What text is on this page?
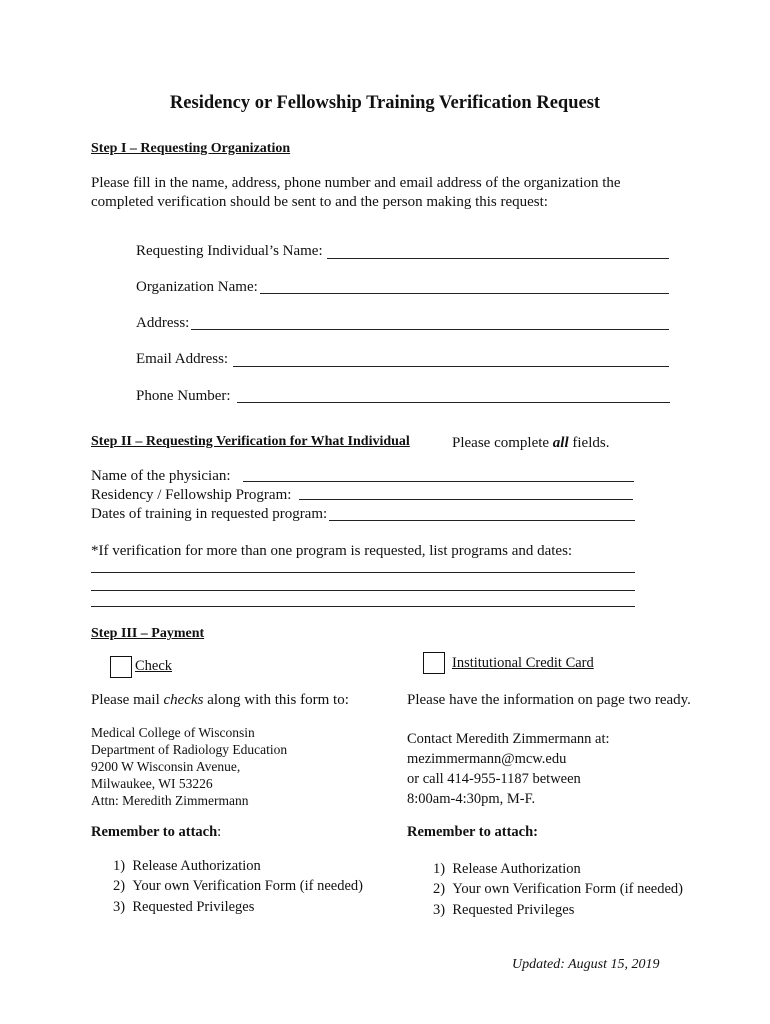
Residency or Fellowship Training Verification Request
Step I – Requesting Organization
Please fill in the name, address, phone number and email address of the organization the
completed verification should be sent to and the person making this request:
Requesting Individual’s Name:
Organization Name:
Address:
Email Address:
Phone Number:
Step II – Requesting Verification for What Individual	Please complete all fields.
Name of the physician:
Residency / Fellowship Program:
Dates of training in requested program:
*If verification for more than one program is requested, list programs and dates:
Step III – Payment
Check
Please mail checks along with this form to:
Medical College of Wisconsin
Department of Radiology Education
9200 W Wisconsin Avenue,
Milwaukee, WI 53226
Attn: Meredith Zimmermann
Remember to attach:
1) Release Authorization
2) Your own Verification Form (if needed)
3) Requested Privileges
Institutional Credit Card
Please have the information on page two ready.
Contact Meredith Zimmermann at:
mezimmermann@mcw.edu
or call 414-955-1187 between
8:00am-4:30pm, M-F.
Remember to attach:
1) Release Authorization
2) Your own Verification Form (if needed)
3) Requested Privileges
Updated: August 15, 2019
